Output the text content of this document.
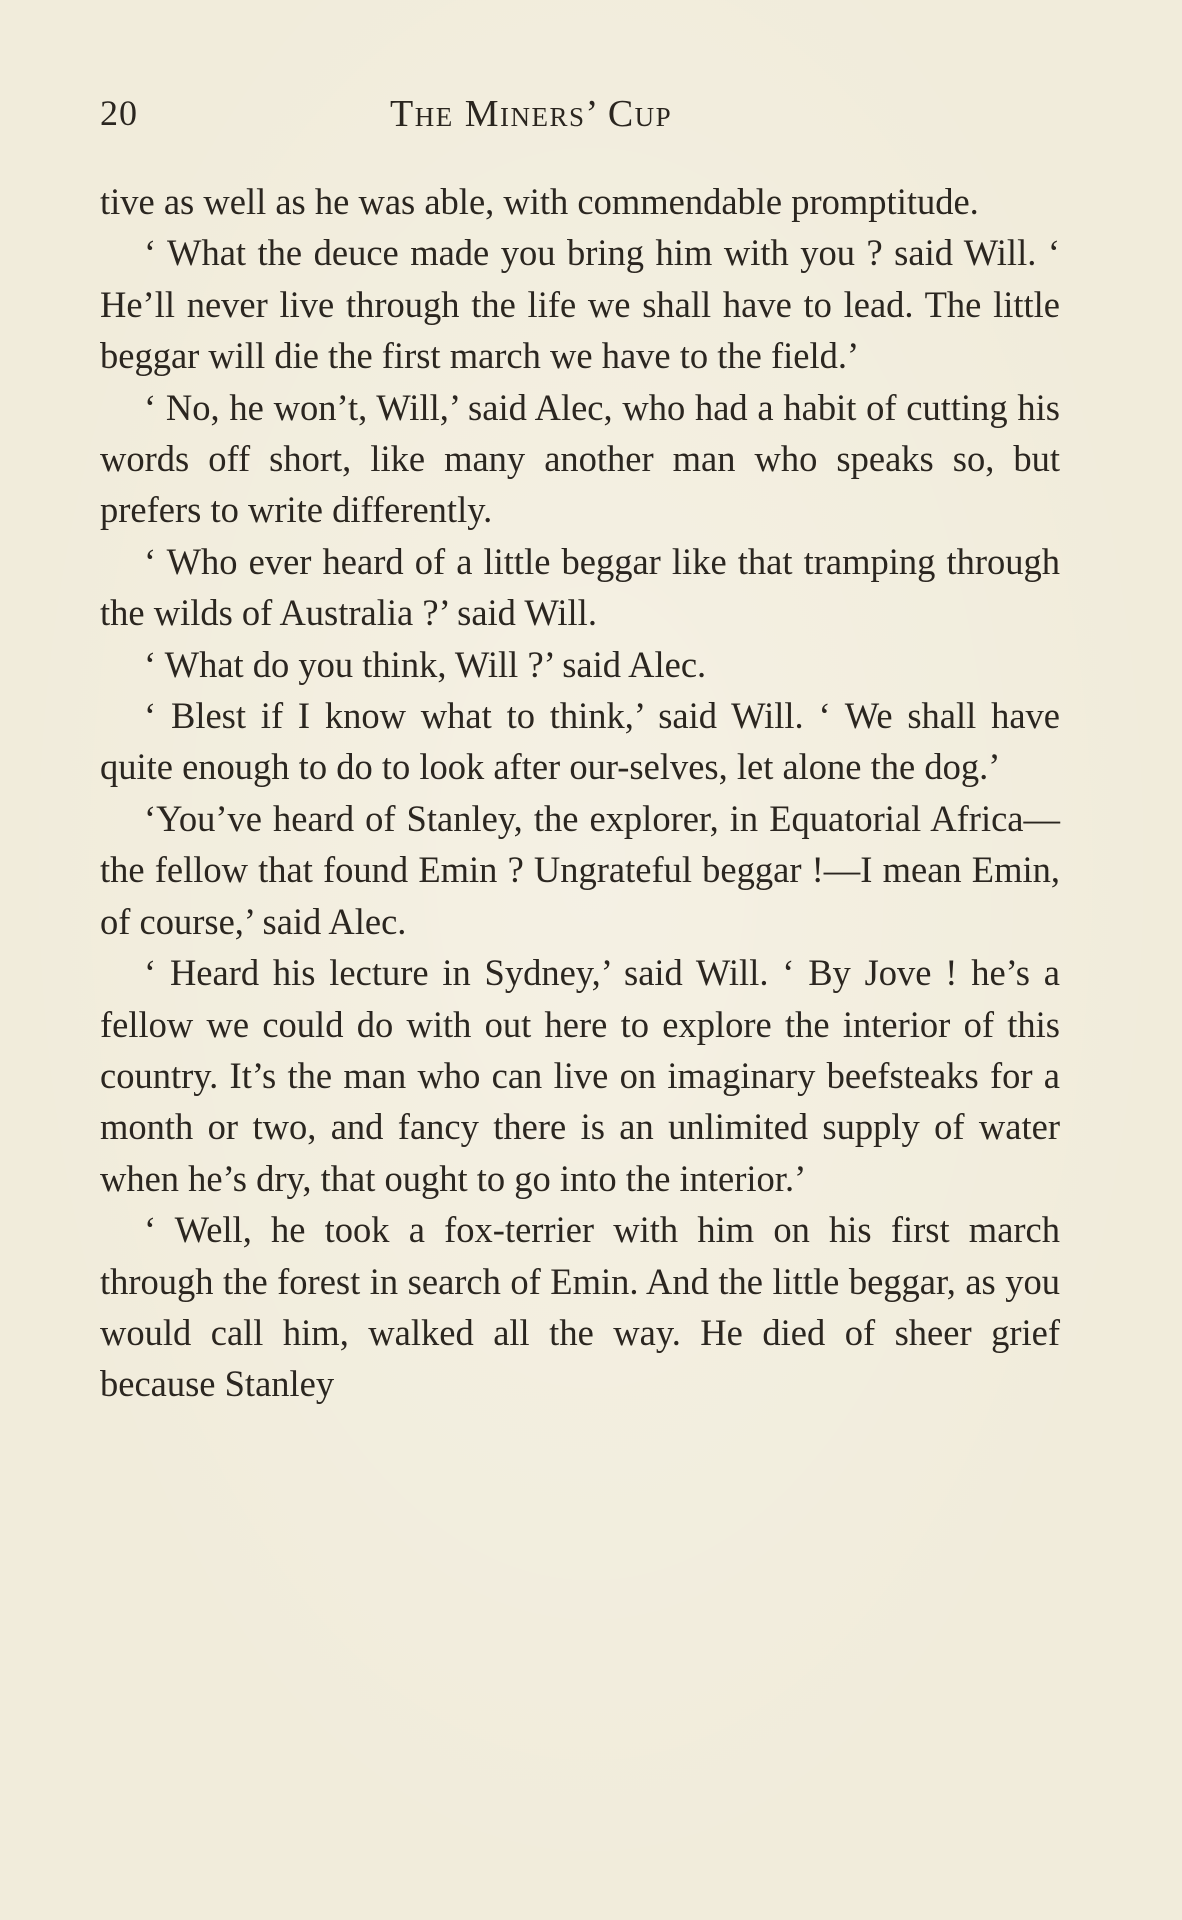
20	The Miners’ Cup

tive as well as he was able, with commendable promptitude.

‘ What the deuce made you bring him with you ? said Will. ‘ He’ll never live through the life we shall have to lead. The little beggar will die the first march we have to the field.’

‘ No, he won’t, Will,’ said Alec, who had a habit of cutting his words off short, like many another man who speaks so, but prefers to write differently.

‘ Who ever heard of a little beggar like that tramping through the wilds of Australia ?’ said Will.

‘ What do you think, Will ?’ said Alec.

‘ Blest if I know what to think,’ said Will. ‘ We shall have quite enough to do to look after our-selves, let alone the dog.’

‘You’ve heard of Stanley, the explorer, in Equatorial Africa—the fellow that found Emin ? Ungrateful beggar !—I mean Emin, of course,’ said Alec.

‘ Heard his lecture in Sydney,’ said Will. ‘ By Jove ! he’s a fellow we could do with out here to explore the interior of this country. It’s the man who can live on imaginary beefsteaks for a month or two, and fancy there is an unlimited supply of water when he’s dry, that ought to go into the interior.’

‘ Well, he took a fox-terrier with him on his first march through the forest in search of Emin. And the little beggar, as you would call him, walked all the way. He died of sheer grief because Stanley
